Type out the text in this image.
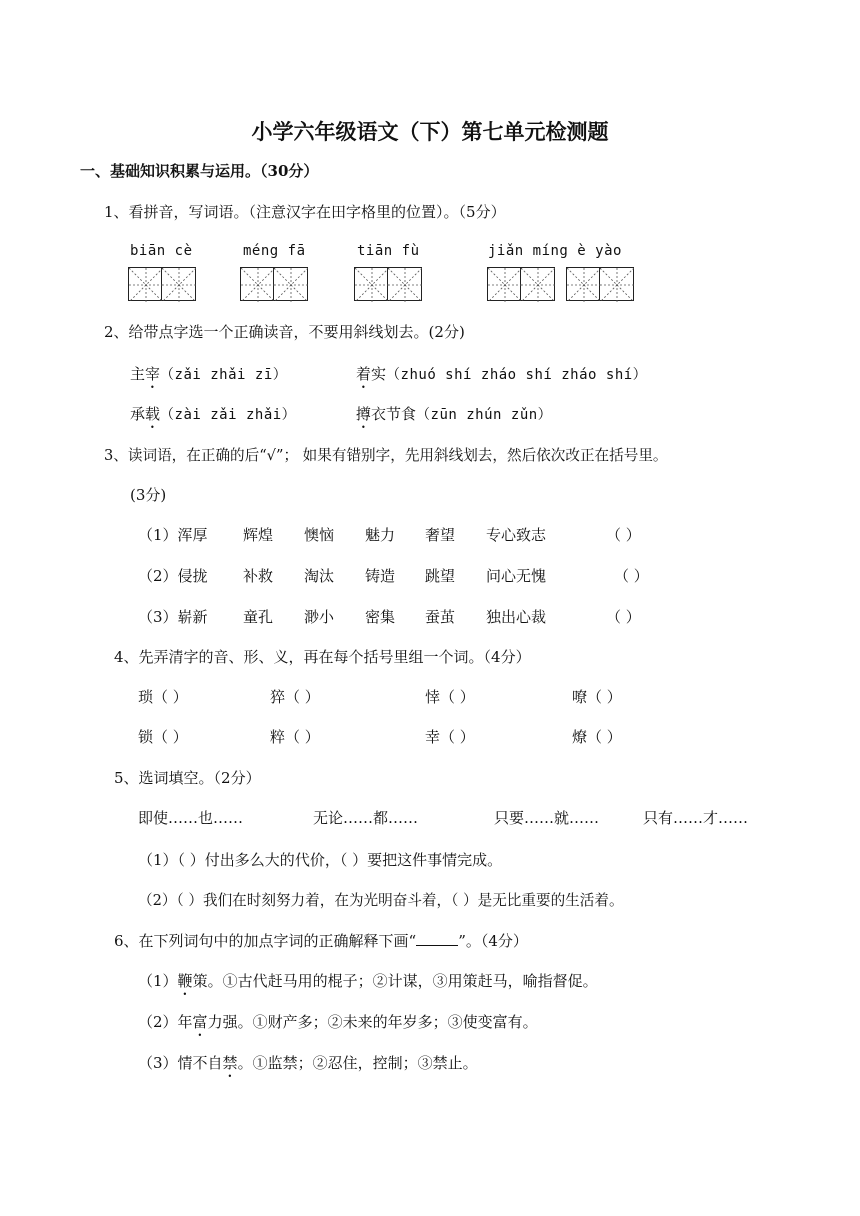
小学六年级语文（下）第七单元检测题
一、基础知识积累与运用。（30分）
1、看拼音，写词语。（注意汉字在田字格里的位置）。（5分）
biān cè	méng fā	tiān fù	jiǎn míng è yào
2、给带点字选一个正确读音，不要用斜线划去。(2分)
主宰（zǎi zhǎi zī）	着实（zhuó shí zháo shí zháo shí）
承载（zài zǎi zhǎi）	撙衣节食（zūn zhún zǔn）
3、读词语，在正确的后“√”； 如果有错别字，先用斜线划去，然后依次改正在括号里。
(3分)
（1）浑厚 辉煌 懊恼 魅力 奢望 专心致志	（ ）
（2）侵拢 补救 淘汰 铸造 跳望 问心无愧	（ ）
（3）崭新 童孔 渺小 密集 蚕茧 独出心裁	（ ）
4、先弄清字的音、形、义，再在每个括号里组一个词。（4分）
琐（ ）	猝（ ）	悻（ ）	嘹（ ）
锁（ ）	粹（ ）	幸（ ）	燎（ ）
5、选词填空。（2分）
即使……也……	无论……都……	只要……就……	只有……才……
（1）（ ）付出多么大的代价，（ ）要把这件事情完成。
（2）（ ）我们在时刻努力着，在为光明奋斗着，（ ）是无比重要的生活着。
6、在下列词句中的加点字词的正确解释下画“	”。（4分）
（1）鞭策。①古代赶马用的棍子；②计谋，③用策赶马，喻指督促。
（2）年富力强。①财产多；②未来的年岁多；③使变富有。
（3）情不自禁。①监禁；②忍住，控制；③禁止。
